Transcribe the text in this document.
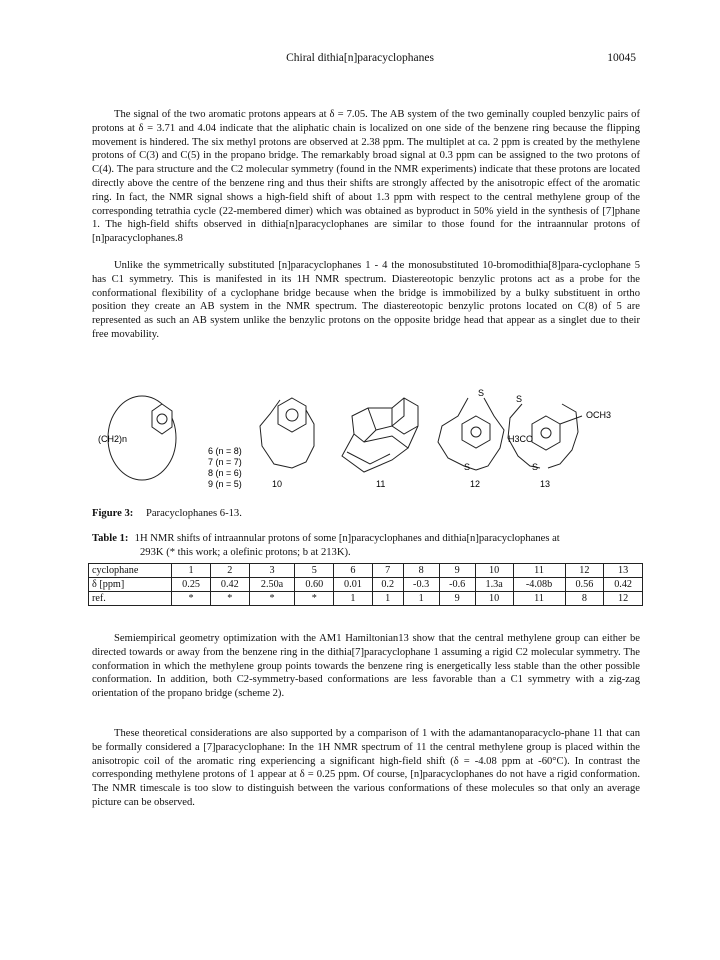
Chiral dithia[n]paracyclophanes	10045

The signal of the two aromatic protons appears at δ = 7.05. The AB system of the two geminally coupled benzylic pairs of protons at δ = 3.71 and 4.04 indicate that the aliphatic chain is localized on one side of the benzene ring because the flipping movement is hindered. The six methyl protons are observed at 2.38 ppm. The multiplet at ca. 2 ppm is created by the methylene protons of C(3) and C(5) in the propano bridge. The remarkably broad signal at 0.3 ppm can be assigned to the two protons of C(4). The para structure and the C2 molecular symmetry (found in the NMR experiments) indicate that these protons are located directly above the centre of the benzene ring and thus their shifts are strongly affected by the anisotropic effect of the aromatic ring. In fact, the NMR signal shows a high-field shift of about 1.3 ppm with respect to the central methylene group of the corresponding tetrathia cycle (22-membered dimer) which was obtained as byproduct in 50% yield in the synthesis of [7]phane 1. The high-field shifts observed in dithia[n]paracyclophanes are similar to those found for the intraannular protons of [n]paracyclophanes.8

Unlike the symmetrically substituted [n]paracyclophanes 1 - 4 the monosubstituted 10-bromodithia[8]para-cyclophane 5 has C1 symmetry. This is manifested in its 1H NMR spectrum. Diastereotopic benzylic protons act as a probe for the conformational flexibility of a cyclophane bridge because when the bridge is immobilized by a bulky substituent in ortho position they create an AB system in the NMR spectrum. The diastereotopic benzylic protons located on C(8) of 5 are represented as such an AB system unlike the benzylic protons on the opposite bridge head that appear as a singlet due to their free movability.

(CH2)n
6 (n = 8)
7 (n = 7)
8 (n = 6)
9 (n = 5)	10	11
S
S
12
S
S
OCH3
H3CO
13
Figure 3: Paracyclophanes 6-13.
Table 1: 1H NMR shifts of intraannular protons of some [n]paracyclophanes and dithia[n]paracyclophanes at
293K (* this work; a olefinic protons; b at 213K).
cyclophane	1	2	3	5	6	7	8	9	10	11	12	13
δ [ppm]	0.25	0.42	2.50a	0.60	0.01	0.2	-0.3	-0.6	1.3a	-4.08b	0.56	0.42
ref.	*	*	*	*	1	1	1	9	10	11	8	12

Semiempirical geometry optimization with the AM1 Hamiltonian13 show that the central methylene group can either be directed towards or away from the benzene ring in the dithia[7]paracyclophane 1 assuming a rigid C2 molecular symmetry. The conformation in which the methylene group points towards the benzene ring is energetically less stable than the other possible conformation. In addition, both C2-symmetry-based conformations are less favorable than a C1 symmetry with a zig-zag orientation of the propano bridge (scheme 2).

These theoretical considerations are also supported by a comparison of 1 with the adamantanoparacyclo-phane 11 that can be formally considered a [7]paracyclophane: In the 1H NMR spectrum of 11 the central methylene group is placed within the anisotropic coil of the aromatic ring experiencing a significant high-field shift (δ = -4.08 ppm at -60°C). In contrast the corresponding methylene protons of 1 appear at δ = 0.25 ppm. Of course, [n]paracyclophanes do not have a rigid conformation. The NMR timescale is too slow to distinguish between the various conformations of these molecules so that only an average picture can be observed.
